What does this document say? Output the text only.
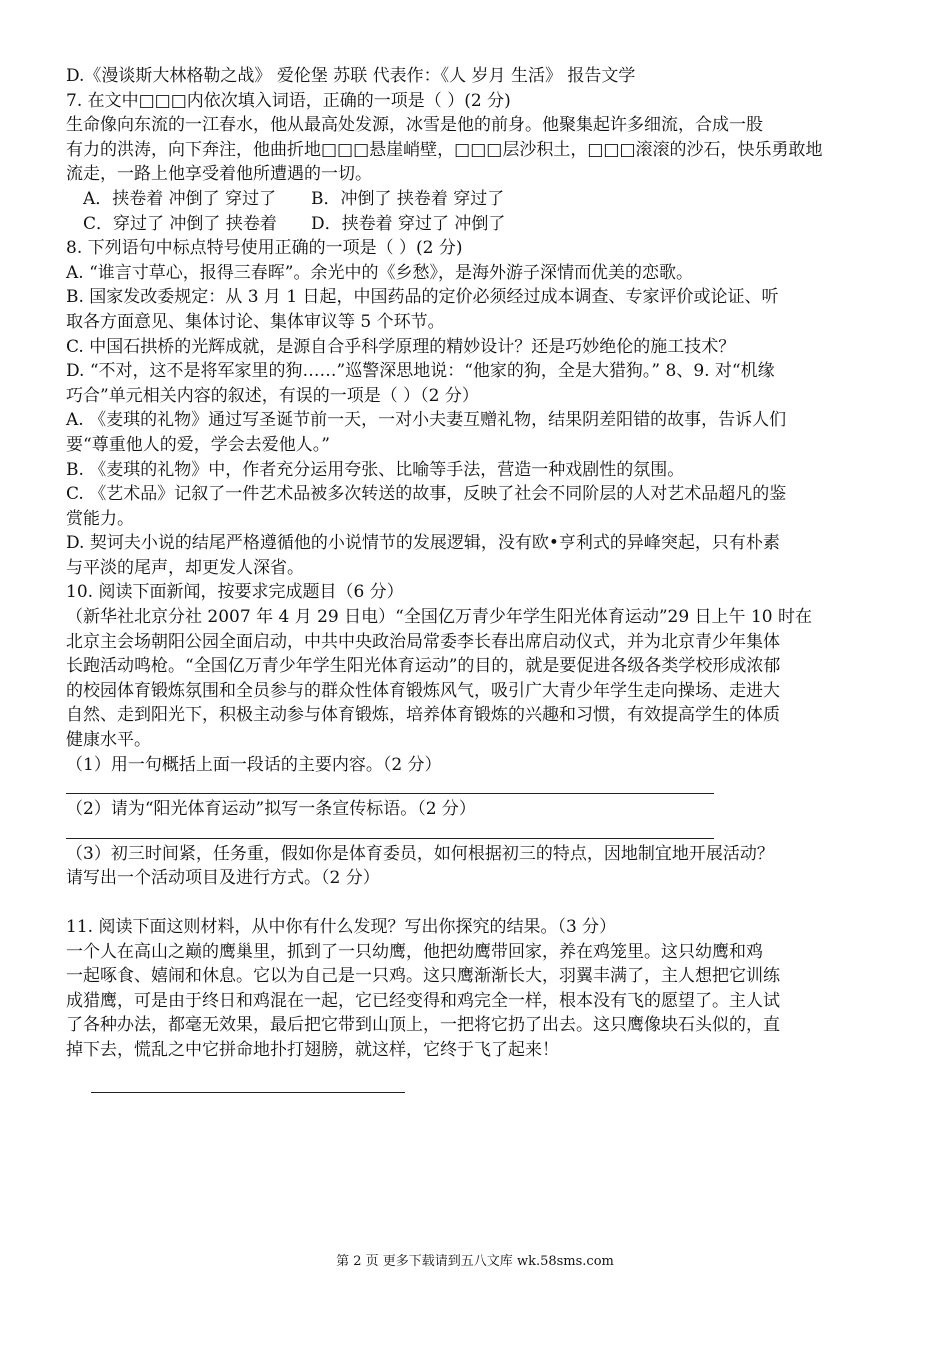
D.《漫谈斯大林格勒之战》 爱伦堡 苏联 代表作：《人 岁月 生活》 报告文学

7. 在文中□□□内依次填入词语，正确的一项是（ ）(2 分)

生命像向东流的一江春水，他从最高处发源，冰雪是他的前身。他聚集起许多细流，合成一股

有力的洪涛，向下奔注，他曲折地□□□悬崖峭壁，□□□层沙积土，□□□滚滚的沙石，快乐勇敢地

流走，一路上他享受着他所遭遇的一切。

A．挟卷着 冲倒了 穿过了 B．冲倒了 挟卷着 穿过了

C．穿过了 冲倒了 挟卷着 D．挟卷着 穿过了 冲倒了

8. 下列语句中标点特号使用正确的一项是（ ）(2 分)

A. “谁言寸草心，报得三春晖”。余光中的《乡愁》，是海外游子深情而优美的恋歌。

B. 国家发改委规定：从 3 月 1 日起，中国药品的定价必须经过成本调查、专家评价或论证、听

取各方面意见、集体讨论、集体审议等 5 个环节。

C. 中国石拱桥的光辉成就，是源自合乎科学原理的精妙设计？还是巧妙绝伦的施工技术？

D. “不对，这不是将军家里的狗……”巡警深思地说：“他家的狗，全是大猎狗。” 8、9. 对“机缘

巧合”单元相关内容的叙述，有误的一项是（ ）（2 分）

A. 《麦琪的礼物》通过写圣诞节前一天，一对小夫妻互赠礼物，结果阴差阳错的故事，告诉人们

要“尊重他人的爱，学会去爱他人。”

B. 《麦琪的礼物》中，作者充分运用夸张、比喻等手法，营造一种戏剧性的氛围。

C. 《艺术品》记叙了一件艺术品被多次转送的故事，反映了社会不同阶层的人对艺术品超凡的鉴

赏能力。

D. 契诃夫小说的结尾严格遵循他的小说情节的发展逻辑，没有欧•亨利式的异峰突起，只有朴素

与平淡的尾声，却更发人深省。

10. 阅读下面新闻，按要求完成题目（6 分）

（新华社北京分社 2007 年 4 月 29 日电）“全国亿万青少年学生阳光体育运动”29 日上午 10 时在

北京主会场朝阳公园全面启动，中共中央政治局常委李长春出席启动仪式，并为北京青少年集体

长跑活动鸣枪。“全国亿万青少年学生阳光体育运动”的目的，就是要促进各级各类学校形成浓郁

的校园体育锻炼氛围和全员参与的群众性体育锻炼风气，吸引广大青少年学生走向操场、走进大

自然、走到阳光下，积极主动参与体育锻炼，培养体育锻炼的兴趣和习惯，有效提高学生的体质

健康水平。

（1）用一句概括上面一段话的主要内容。（2 分）

（2）请为“阳光体育运动”拟写一条宣传标语。（2 分）

（3）初三时间紧，任务重，假如你是体育委员，如何根据初三的特点，因地制宜地开展活动？

请写出一个活动项目及进行方式。（2 分）

11. 阅读下面这则材料，从中你有什么发现？写出你探究的结果。（3 分）

一个人在高山之巅的鹰巢里，抓到了一只幼鹰，他把幼鹰带回家，养在鸡笼里。这只幼鹰和鸡

一起啄食、嬉闹和休息。它以为自己是一只鸡。这只鹰渐渐长大，羽翼丰满了，主人想把它训练

成猎鹰，可是由于终日和鸡混在一起，它已经变得和鸡完全一样，根本没有飞的愿望了。主人试

了各种办法，都毫无效果，最后把它带到山顶上，一把将它扔了出去。这只鹰像块石头似的，直

掉下去，慌乱之中它拼命地扑打翅膀，就这样，它终于飞了起来！

第 2 页 更多下载请到五八文库 wk.58sms.com
